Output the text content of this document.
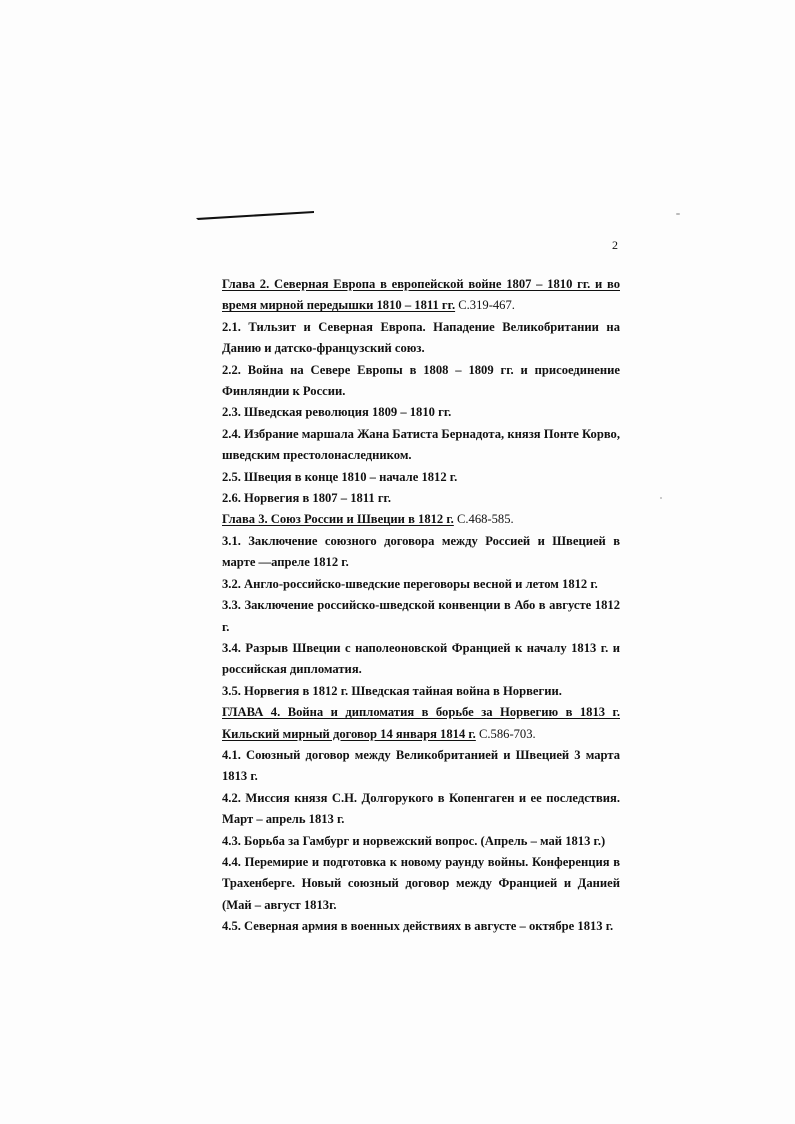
2

Глава 2. Северная Европа в европейской войне 1807 – 1810 гг. и во время мирной передышки 1810 – 1811 гг. С.319-467.

2.1. Тильзит и Северная Европа. Нападение Великобритании на Данию и датско-французский союз.

2.2. Война на Севере Европы в 1808 – 1809 гг. и присоединение Финляндии к России.

2.3. Шведская революция 1809 – 1810 гг.

2.4. Избрание маршала Жана Батиста Бернадота, князя Понте Корво, шведским престолонаследником.

2.5. Швеция в конце 1810 – начале 1812 г.

2.6. Норвегия в 1807 – 1811 гг.

Глава 3. Союз России и Швеции в 1812 г. С.468-585.

3.1. Заключение союзного договора между Россией и Швецией в марте —апреле 1812 г.

3.2. Англо-российско-шведские переговоры весной и летом 1812 г.

3.3. Заключение российско-шведской конвенции в Або в августе 1812 г.

3.4. Разрыв Швеции с наполеоновской Францией к началу 1813 г. и российская дипломатия.

3.5. Норвегия в 1812 г. Шведская тайная война в Норвегии.

ГЛАВА 4. Война и дипломатия в борьбе за Норвегию в 1813 г. Кильский мирный договор 14 января 1814 г. С.586-703.

4.1. Союзный договор между Великобританией и Швецией 3 марта 1813 г.

4.2. Миссия князя С.Н. Долгорукого в Копенгаген и ее последствия. Март – апрель 1813 г.

4.3. Борьба за Гамбург и норвежский вопрос. (Апрель – май 1813 г.)

4.4. Перемирие и подготовка к новому раунду войны. Конференция в Трахенберге. Новый союзный договор между Францией и Данией (Май – август 1813г.

4.5. Северная армия в военных действиях в августе – октябре 1813 г.
